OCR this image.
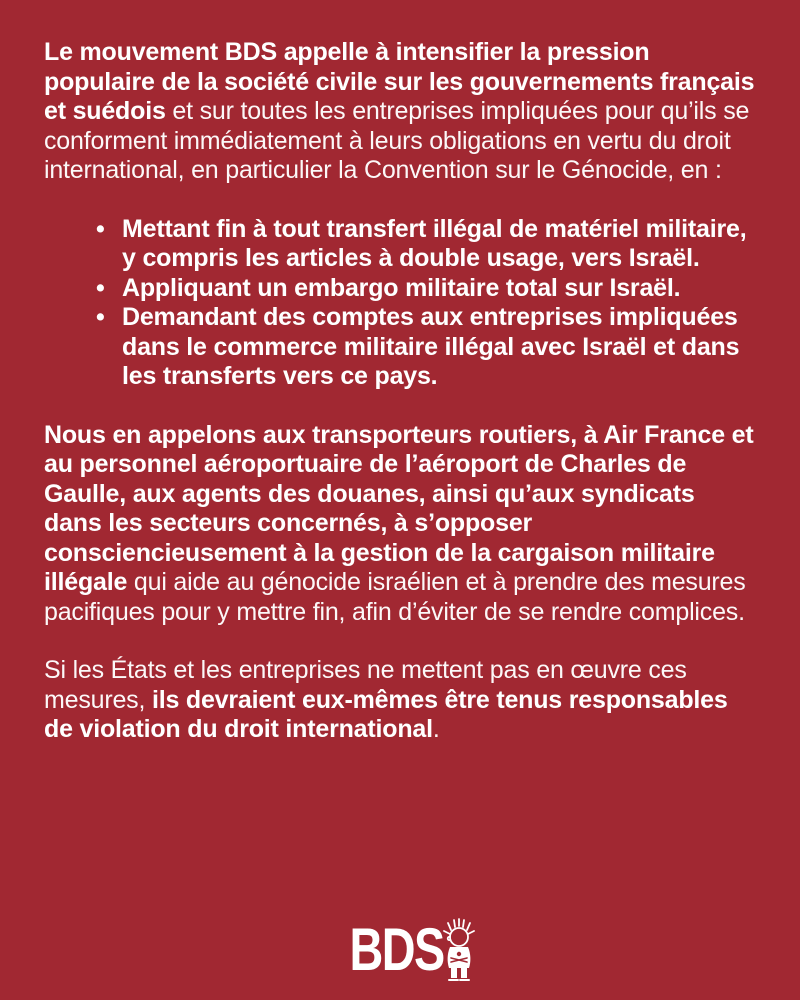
Le mouvement BDS appelle à intensifier la pression populaire de la société civile sur les gouvernements français et suédois et sur toutes les entreprises impliquées pour qu’ils se conforment immédiatement à leurs obligations en vertu du droit international, en particulier la Convention sur le Génocide, en :

• Mettant fin à tout transfert illégal de matériel militaire, y compris les articles à double usage, vers Israël.
• Appliquant un embargo militaire total sur Israël.
• Demandant des comptes aux entreprises impliquées dans le commerce militaire illégal avec Israël et dans les transferts vers ce pays.

Nous en appelons aux transporteurs routiers, à Air France et au personnel aéroportuaire de l’aéroport de Charles de Gaulle, aux agents des douanes, ainsi qu’aux syndicats dans les secteurs concernés, à s’opposer consciencieusement à la gestion de la cargaison militaire illégale qui aide au génocide israélien et à prendre des mesures pacifiques pour y mettre fin, afin d’éviter de se rendre complices.

Si les États et les entreprises ne mettent pas en œuvre ces mesures, ils devraient eux-mêmes être tenus responsables de violation du droit international.

BDS
